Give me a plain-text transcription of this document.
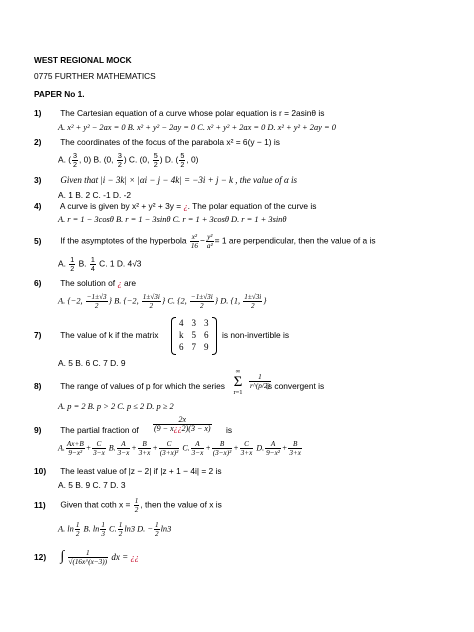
WEST REGIONAL MOCK
0775 FURTHER MATHEMATICS
PAPER No 1.
1) The Cartesian equation of a curve whose polar equation is r = 2asinθ is
A. x² + y² − 2ax = 0 B. x² + y² − 2ay = 0 C. x² + y² + 2ax = 0 D. x² + y² + 2ay = 0
2) The coordinates of the focus of the parabola x² = 6(y − 1) is
A. ( $\frac{3}{2}$ , 0) B. (0, $\frac{3}{2}$ ) C. (0, $\frac{5}{2}$ ) D. ( $\frac{5}{2}$ , 0)
3) Given that |i − 3k| × |αi − j − 4k| = −3i + j − k , the value of α is
A. 1 B. 2 C. -1 D. -2
4) A curve is given by x² + y² + 3y = ¿. The polar equation of the curve is
A. r = 1 − 3cosθ B. r = 1 − 3sinθ C. r = 1 + 3cosθ D. r = 1 + 3sinθ
5) If the asymptotes of the hyperbola $\frac{\text{x²}}{16} - \frac{\text{y²}}{\text{a²}} = 1$ are perpendicular, then the value of a is
A. $\frac{1}{2} B$. $\frac{1}{4} C$. 1 D. 4√3
6) The solution of ¿ are
A. {−2, $\frac{-1\pm√3}{2}$ } B. {−2, $\frac{1\pm√3i}{2}$ } C. {2, $\frac{-1\pm√3i}{2}$ } D. {1, $\frac{1\pm√3i}{2}$ }
7) The value of k if the matrix
4 3 3
k 5 6
6 7 9
is non-invertible is
A. 5 B. 6 C. 7 D. 9
8) The range of values of p for which the series
∞
Σ
r=1
$\frac{1}{r\^{}(p/2)}$
is convergent is
A. p = 2 B. p > 2 C. p ≤ 2 D. p ≥ 2
9) The partial fraction of $\frac{2x}{(9 - x¿¿2)(3 - x)}$ is
A. $\frac{Ax+B}{\text{9−x²}} + \frac{C}{3-x} B$. $\frac{A}{3-x} + \frac{B}{3+x} + \frac{C}{\text{(3+x)²}} C$. $\frac{A}{3-x} + \frac{B}{\text{(3−x)²}} + \frac{C}{3+x} D$. $\frac{A}{\text{9−x²}} + \frac{B}{3+x}$
10) The least value of |z − 2| if |z + 1 − 4i| = 2 is
A. 5 B. 9 C. 7 D. 3
11) Given that coth $x = \frac{1}{2}$ , then the value of x is
A. $\ln \frac{1}{2} B$. $\ln \frac{1}{3} C$. $\frac{1}{2} \ln 3$ D. − $\frac{1}{2} \ln 3$
12) ∫ $\frac{1}{√(16x\^{}(x-3))}$ dx = ¿¿
